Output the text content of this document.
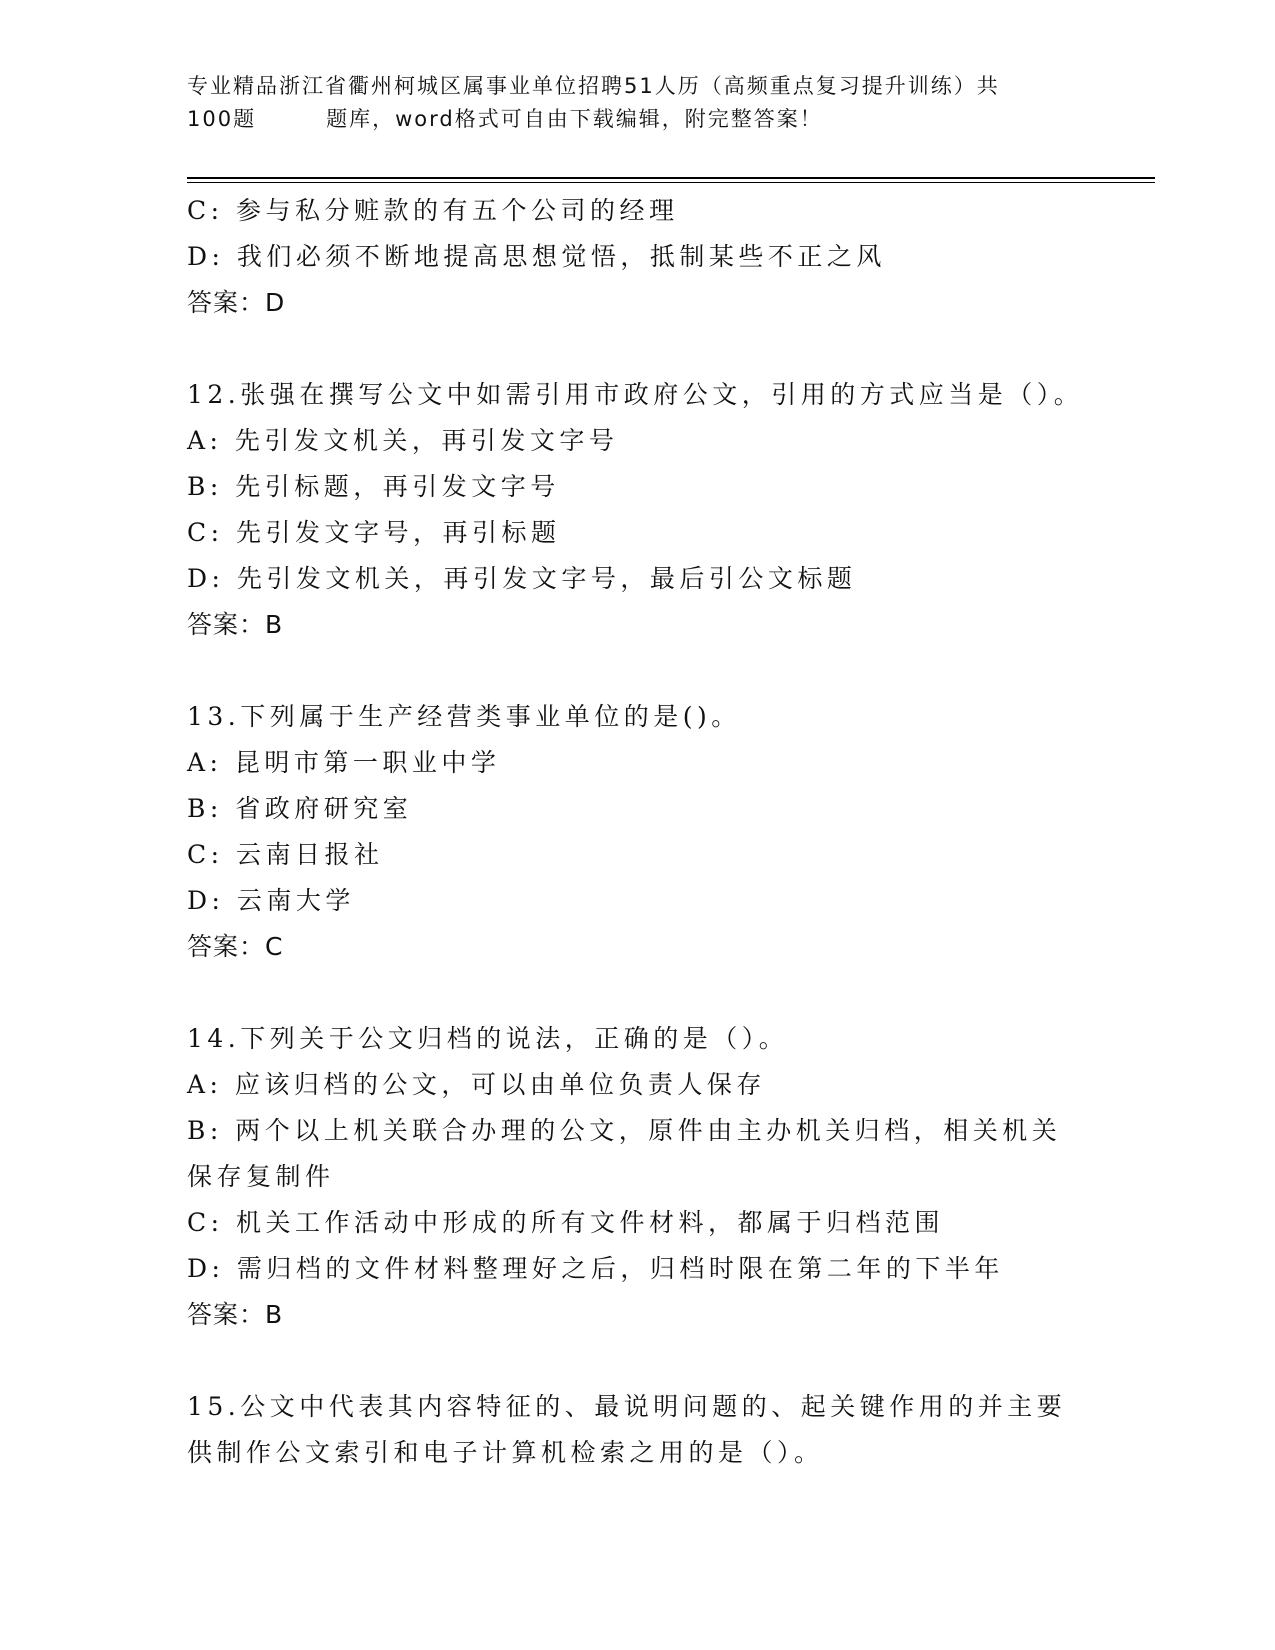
专业精品浙江省衢州柯城区属事业单位招聘51人历（高频重点复习提升训练）共
100题	题库，word格式可自由下载编辑，附完整答案！
C: 参与私分赃款的有五个公司的经理
D: 我们必须不断地提高思想觉悟，抵制某些不正之风
答案：D
12.张强在撰写公文中如需引用市政府公文，引用的方式应当是（）。
A: 先引发文机关，再引发文字号
B: 先引标题，再引发文字号
C: 先引发文字号，再引标题
D: 先引发文机关，再引发文字号，最后引公文标题
答案：B
13.下列属于生产经营类事业单位的是()。
A: 昆明市第一职业中学
B: 省政府研究室
C: 云南日报社
D: 云南大学
答案：C
14.下列关于公文归档的说法，正确的是（）。
A: 应该归档的公文，可以由单位负责人保存
B: 两个以上机关联合办理的公文，原件由主办机关归档，相关机关保存复制件
C: 机关工作活动中形成的所有文件材料，都属于归档范围
D: 需归档的文件材料整理好之后，归档时限在第二年的下半年
答案：B
15.公文中代表其内容特征的、最说明问题的、起关键作用的并主要供制作公文索引和电子计算机检索之用的是（）。
